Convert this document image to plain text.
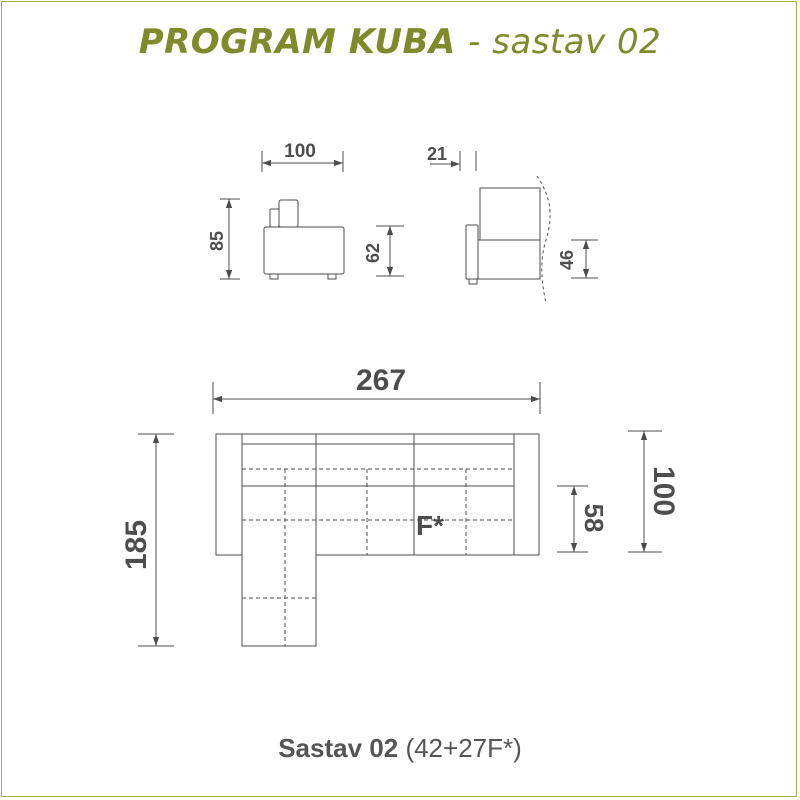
PROGRAM KUBA - sastav 02
100
85
62
21
46
267
185
100
58
F*
Sastav 02 (42+27F*)
